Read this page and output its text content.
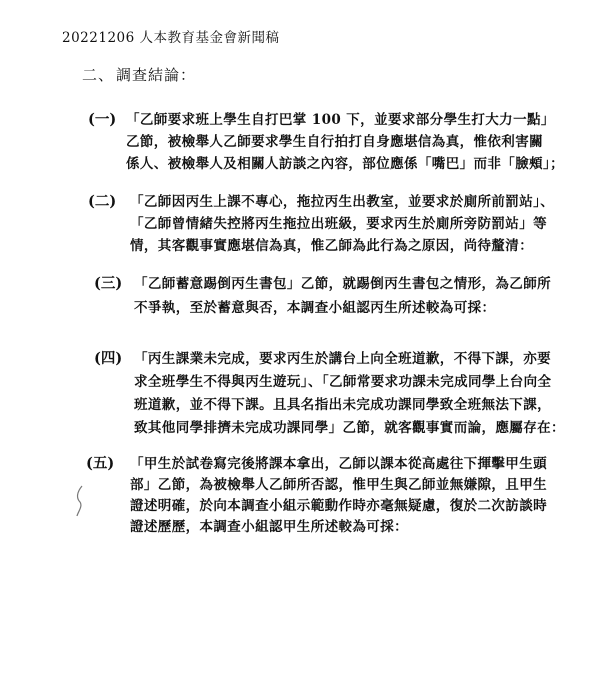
20221206 人本教育基金會新聞稿
二、 調查結論：
(一) 「乙師要求班上學生自打巴掌 100 下，並要求部分學生打大力一點」
乙節，被檢舉人乙師要求學生自行拍打自身應堪信為真，惟依利害關
係人、被檢舉人及相關人訪談之內容，部位應係「嘴巴」而非「臉頰」；
(二) 「乙師因丙生上課不專心，拖拉丙生出教室，並要求於廁所前罰站」、
「乙師曾情緒失控將丙生拖拉出班級，要求丙生於廁所旁防罰站」等
情，其客觀事實應堪信為真，惟乙師為此行為之原因，尚待釐清：
(三) 「乙師蓄意踢倒丙生書包」乙節，就踢倒丙生書包之情形，為乙師所
不爭執，至於蓄意與否，本調查小組認丙生所述較為可採：
(四) 「丙生課業未完成，要求丙生於講台上向全班道歉，不得下課，亦要
求全班學生不得與丙生遊玩」、「乙師常要求功課未完成同學上台向全
班道歉，並不得下課。且具名指出未完成功課同學致全班無法下課，
致其他同學排擠未完成功課同學」乙節，就客觀事實而論，應屬存在：
(五) 「甲生於試卷寫完後將課本拿出，乙師以課本從高處往下揮擊甲生頭
部」乙節，為被檢舉人乙師所否認，惟甲生與乙師並無嫌隙，且甲生
證述明確，於向本調查小組示範動作時亦毫無疑慮，復於二次訪談時
證述歷歷，本調查小組認甲生所述較為可採：
